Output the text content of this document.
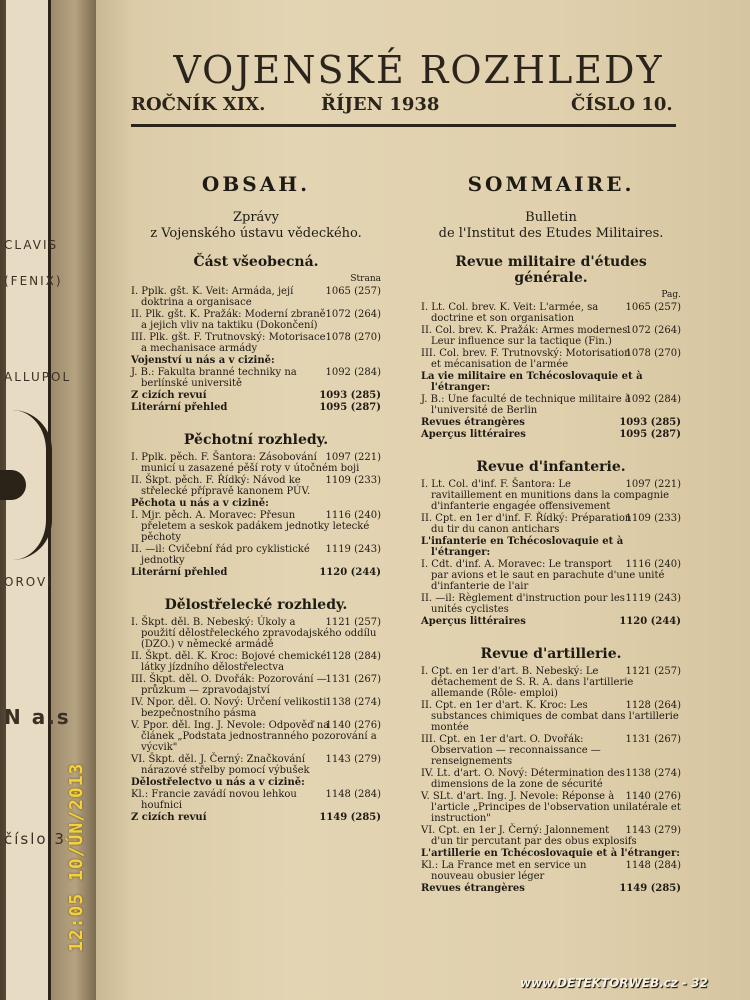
CLAVIS
(FENIX)
ALLUPOL
OROVI
N a.s
číslo 3
VOJENSKÉ ROZHLEDY
ROČNÍK XIX.	ŘÍJEN 1938	ČÍSLO 10.
OBSAH.
Zprávy
z Vojenského ústavu vědeckého.
Část všeobecná.
Strana
1065 (257)
I. Pplk. gšt. K. Veit: Armáda, její doktrina a organisace
1072 (264)
II. Plk. gšt. K. Pražák: Moderní zbraně a jejich vliv na taktiku (Dokončení)
1078 (270)
III. Plk. gšt. F. Trutnovský: Motorisace a mechanisace armády
Vojenství u nás a v cizině:
1092 (284)
J. B.: Fakulta branné techniky na berlínské universitě
1093 (285)
Z cizích revuí
1095 (287)
Literární přehled
Pěchotní rozhledy.
1097 (221)
I. Pplk. pěch. F. Šantora: Zásobování municí u zasazené pěší roty v útočném boji
1109 (233)
II. Škpt. pěch. F. Řídký: Návod ke střelecké přípravě kanonem PÚV.
Pěchota u nás a v cizině:
1116 (240)
I. Mjr. pěch. A. Moravec: Přesun přeletem a seskok padákem jednotky letecké pěchoty
1119 (243)
II. —il: Cvičební řád pro cyklistické jednotky
1120 (244)
Literární přehled
Dělostřelecké rozhledy.
1121 (257)
I. Škpt. děl. B. Nebeský: Úkoly a použití dělostřeleckého zpravodajského oddílu (DZO.) v německé armádě
1128 (284)
II. Škpt. děl. K. Kroc: Bojové chemické látky jízdního dělostřelectva
1131 (267)
III. Škpt. děl. O. Dvořák: Pozorování — průzkum — zpravodajství
1138 (274)
IV. Npor. děl. O. Nový: Určení velikosti bezpečnostního pásma
1140 (276)
V. Ppor. děl. Ing. J. Nevole: Odpověď na článek „Podstata jednostranného pozorování a výcvik"
1143 (279)
VI. Škpt. děl. J. Černý: Značkování nárazové střelby pomocí výbušek
Dělostřelectvo u nás a v cizině:
1148 (284)
Kl.: Francie zavádí novou lehkou houfnici
1149 (285)
Z cizích revuí
SOMMAIRE.
Bulletin
de l'Institut des Etudes Militaires.
Revue militaire d'études générale.
Pag.
1065 (257)
I. Lt. Col. brev. K. Veit: L'armée, sa doctrine et son organisation
1072 (264)
II. Col. brev. K. Pražák: Armes modernes. Leur influence sur la tactique (Fin.)
1078 (270)
III. Col. brev. F. Trutnovský: Motorisation et mécanisation de l'armée
La vie militaire en Tchécoslovaquie et à l'étranger:
1092 (284)
J. B.: Une faculté de technique militaire à l'université de Berlin
1093 (285)
Revues étrangères
1095 (287)
Aperçus littéraires
Revue d'infanterie.
1097 (221)
I. Lt. Col. d'inf. F. Šantora: Le ravitaillement en munitions dans la compagnie d'infanterie engagée offensivement
1109 (233)
II. Cpt. en 1er d'inf. F. Řídký: Préparation du tir du canon antichars
L'infanterie en Tchécoslovaquie et à l'étranger:
1116 (240)
I. Cdt. d'inf. A. Moravec: Le transport par avions et le saut en parachute d'une unité d'infanterie de l'air
1119 (243)
II. —il: Règlement d'instruction pour les unités cyclistes
1120 (244)
Aperçus littéraires
Revue d'artillerie.
1121 (257)
I. Cpt. en 1er d'art. B. Nebeský: Le détachement de S. R. A. dans l'artillerie allemande (Rôle- emploi)
1128 (264)
II. Cpt. en 1er d'art. K. Kroc: Les substances chimiques de combat dans l'artillerie montée
1131 (267)
III. Cpt. en 1er d'art. O. Dvořák: Observation — reconnaissance — renseignements
1138 (274)
IV. Lt. d'art. O. Nový: Détermination des dimensions de la zone de sécurité
1140 (276)
V. SLt. d'art. Ing. J. Nevole: Réponse à l'article „Principes de l'observation unilatérale et instruction"
1143 (279)
VI. Cpt. en 1er J. Černý: Jalonnement d'un tir percutant par des obus explosifs
L'artillerie en Tchécoslovaquie et à l'étranger:
1148 (284)
Kl.: La France met en service un nouveau obusier léger
1149 (285)
Revues étrangères
12:05 10/ÚN/2013
www.DETEKTORWEB.cz - 32
